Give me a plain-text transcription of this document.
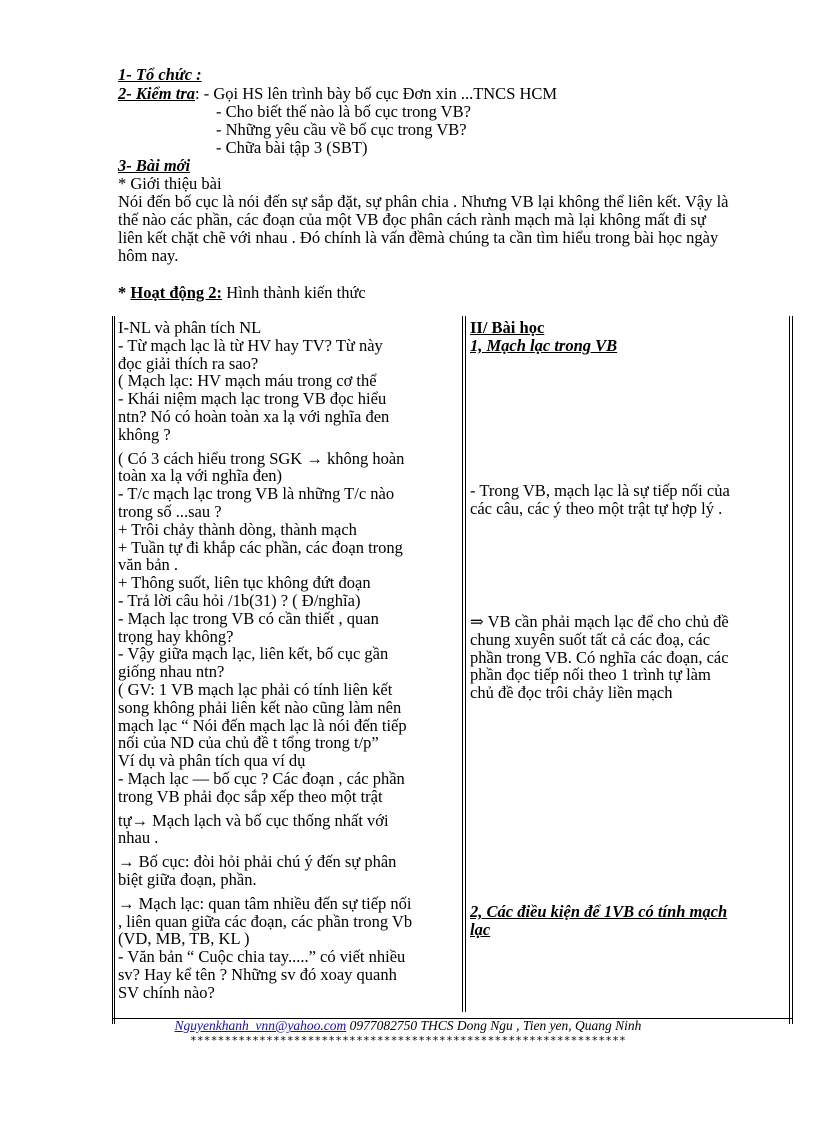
1- Tổ chức :
2- Kiểm tra: - Gọi HS lên trình bày bố cục Đơn xin ...TNCS HCM
- Cho biết thế nào là bố cục trong VB?
- Những yêu cầu về bố cục trong VB?
- Chữa bài tập 3 (SBT)
3- Bài mới
* Giới thiệu bài
Nói đến bố cục là nói đến sự sắp đặt, sự phân chia . Nhưng VB lại không thể liên kết. Vậy là
thế nào các phần, các đoạn của một VB đọc phân cách rành mạch mà lại không mất đi sự
liên kết chặt chẽ với nhau . Đó chính là vấn đềmà chúng ta cần tìm hiểu trong bài học ngày
hôm nay.
* Hoạt động 2: Hình thành kiến thức
I-NL và phân tích NL
- Từ mạch lạc là từ HV hay TV? Từ này
đọc giải thích ra sao?
( Mạch lạc: HV mạch máu trong cơ thể
- Khái niệm mạch lạc trong VB đọc hiểu
ntn? Nó có hoàn toàn xa lạ với nghĩa đen
không ?
( Có 3 cách hiểu trong SGK → không hoàn
toàn xa lạ với nghĩa đen)
- T/c mạch lạc trong VB là những T/c nào
trong số ...sau ?
+ Trôi chảy thành dòng, thành mạch
+ Tuần tự đi khắp các phần, các đoạn trong
văn bản .
+ Thông suốt, liên tục không đứt đoạn
- Trả lời câu hỏi /1b(31) ? ( Đ/nghĩa)
- Mạch lạc trong VB có cần thiết , quan
trọng hay không?
- Vậy giữa mạch lạc, liên kết, bố cục gần
giống nhau ntn?
( GV: 1 VB mạch lạc phải có tính liên kết
song không phải liên kết nào cũng làm nên
mạch lạc “ Nói đến mạch lạc là nói đến tiếp
nối của ND của chủ đề t tổng trong t/p”
Ví dụ và phân tích qua ví dụ
- Mạch lạc — bố cục ? Các đoạn , các phần
trong VB phải đọc sắp xếp theo một trật
tự→ Mạch lạch và bố cục thống nhất với
nhau .
→ Bố cục: đòi hỏi phải chú ý đến sự phân
biệt giữa đoạn, phần.
→ Mạch lạc: quan tâm nhiều đến sự tiếp nối
, liên quan giữa các đoạn, các phần trong Vb
(VD, MB, TB, KL )
- Văn bản “ Cuộc chia tay.....” có viết nhiều
sv? Hay kể tên ? Những sv đó xoay quanh
SV chính nào?
II/ Bài học
1, Mạch lạc trong VB
- Trong VB, mạch lạc là sự tiếp nối của
các câu, các ý theo một trật tự hợp lý .
⇒ VB cần phải mạch lạc để cho chủ đề
chung xuyên suốt tất cả các đoạ, các
phần trong VB. Có nghĩa các đoạn, các
phần đọc tiếp nối theo 1 trình tự làm
chủ đề đọc trôi chảy liền mạch
2, Các điều kiện để 1VB có tính mạch
lạc
Nguyenkhanh_vnn@yahoo.com 0977082750 THCS Dong Ngu , Tien yen, Quang Ninh
***************************************************************
